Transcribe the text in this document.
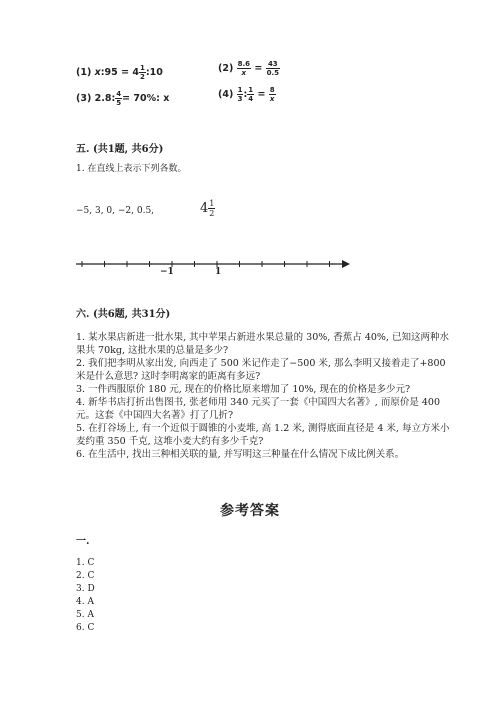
(1) x:95 = $4 \frac{1}{2}$ :10	$(2) \frac{8.6}{x} = \frac{43}{0.5}$
(3) 2.8: $\frac{4}{5} = 70\%$: x	$(4) \frac{1}{3}$ : $\frac{1}{4} = \frac{8}{x}$
五. (共1题, 共6分)
1. 在直线上表示下列各数。
−5, 3, 0, −2, 0.5,	$4 \frac{1}{2}$
−1	1
六. (共6题, 共31分)
1. 某水果店新进一批水果, 其中苹果占新进水果总量的 30%, 香蕉占 40%, 已知这两种水果共 70kg, 这批水果的总量是多少?
2. 我们把李明从家出发, 向西走了 500 米记作走了−500 米, 那么李明又接着走了+800 米是什么意思? 这时李明离家的距离有多远?
3. 一件西服原价 180 元, 现在的价格比原来增加了 10%, 现在的价格是多少元?
4. 新华书店打折出售图书, 张老师用 340 元买了一套《中国四大名著》, 而原价是 400 元。这套《中国四大名著》打了几折?
5. 在打谷场上, 有一个近似于圆锥的小麦堆, 高 1.2 米, 测得底面直径是 4 米, 每立方米小麦约重 350 千克, 这堆小麦大约有多少千克?
6. 在生活中, 找出三种相关联的量, 并写明这三种量在什么情况下成比例关系。
参考答案
一.
1. C
2. C
3. D
4. A
5. A
6. C
